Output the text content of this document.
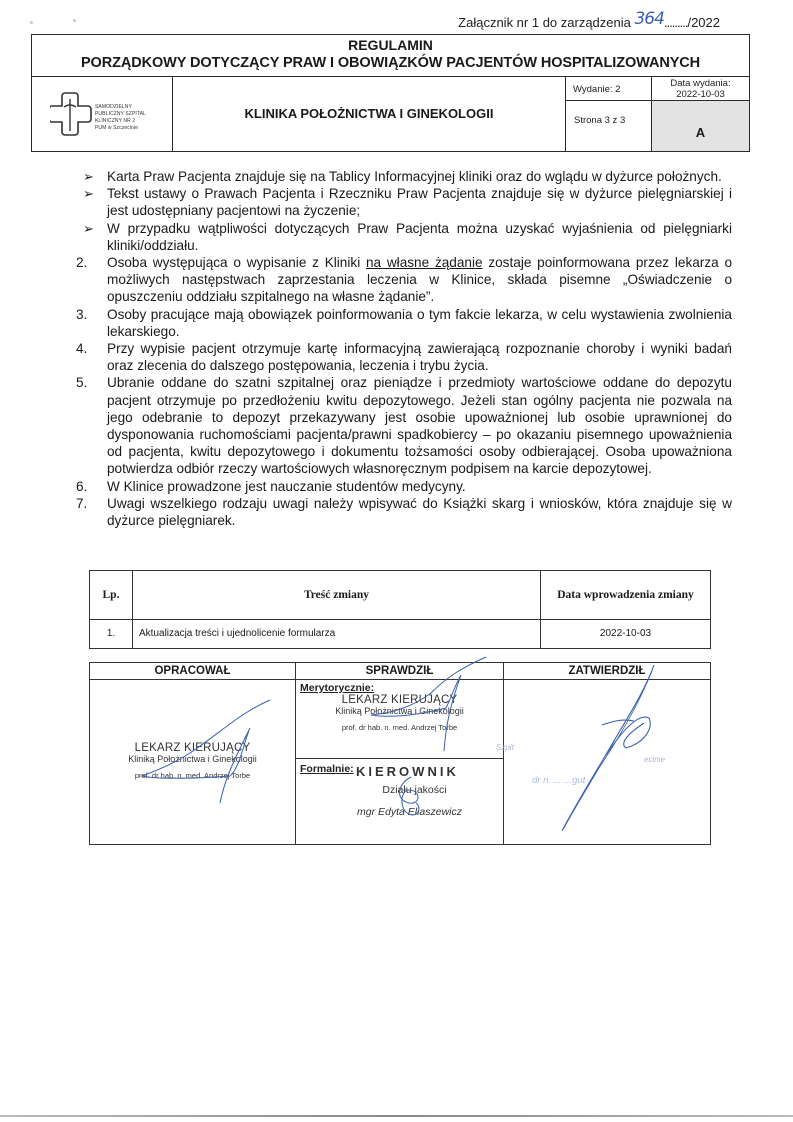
Załącznik nr 1 do zarządzenia 364........./2022
REGULAMIN
PORZĄDKOWY DOTYCZĄCY PRAW I OBOWIĄZKÓW PACJENTÓW HOSPITALIZOWANYCH
SAMODZIELNY
PUBLICZNY SZPITAL
KLINICZNY NR 2
PUM w Szczecinie
KLINIKA POŁOŻNICTWA I GINEKOLOGII
Wydanie: 2
Data wydania:
2022-10-03
Strona 3 z 3
A
➢ Karta Praw Pacjenta znajduje się na Tablicy Informacyjnej kliniki oraz do wglądu w dyżurce położnych.
➢ Tekst ustawy o Prawach Pacjenta i Rzeczniku Praw Pacjenta znajduje się w dyżurce pielęgniarskiej i jest udostępniany pacjentowi na życzenie;
➢ W przypadku wątpliwości dotyczących Praw Pacjenta można uzyskać wyjaśnienia od pielęgniarki kliniki/oddziału.
2. Osoba występująca o wypisanie z Kliniki na własne żądanie zostaje poinformowana przez lekarza o możliwych następstwach zaprzestania leczenia w Klinice, składa pisemne „Oświadczenie o opuszczeniu oddziału szpitalnego na własne żądanie”.
3. Osoby pracujące mają obowiązek poinformowania o tym fakcie lekarza, w celu wystawienia zwolnienia lekarskiego.
4. Przy wypisie pacjent otrzymuje kartę informacyjną zawierającą rozpoznanie choroby i wyniki badań oraz zlecenia do dalszego postępowania, leczenia i trybu życia.
5. Ubranie oddane do szatni szpitalnej oraz pieniądze i przedmioty wartościowe oddane do depozytu pacjent otrzymuje po przedłożeniu kwitu depozytowego. Jeżeli stan ogólny pacjenta nie pozwala na jego odebranie to depozyt przekazywany jest osobie upoważnionej lub osobie uprawnionej do dysponowania ruchomościami pacjenta/prawni spadkobiercy – po okazaniu pisemnego upoważnienia od pacjenta, kwitu depozytowego i dokumentu tożsamości osoby odbierającej. Osoba upoważniona potwierdza odbiór rzeczy wartościowych własnoręcznym podpisem na karcie depozytowej.
6. W Klinice prowadzone jest nauczanie studentów medycyny.
7. Uwagi wszelkiego rodzaju uwagi należy wpisywać do Książki skarg i wniosków, która znajduje się w dyżurce pielęgniarek.
Lp.
1.
Treść zmiany
Aktualizacja treści i ujednolicenie formularza
Data wprowadzenia zmiany
2022-10-03
OPRACOWAŁ
LEKARZ KIERUJĄCY
Kliniką Położnictwa i Ginekologii
prof. dr hab. n. med. Andrzej Torbe
SPRAWDZIŁ
Merytorycznie:
LEKARZ KIERUJĄCY
Kliniką Położnictwa i Ginekologii
prof. dr hab. n. med. Andrzej Torbe
Formalnie: KIEROWNIK
Działu jakości
mgr Edyta Eliaszewicz
ZATWIERDZIŁ
Szpit
ecinie
dr n. ... ...gut
